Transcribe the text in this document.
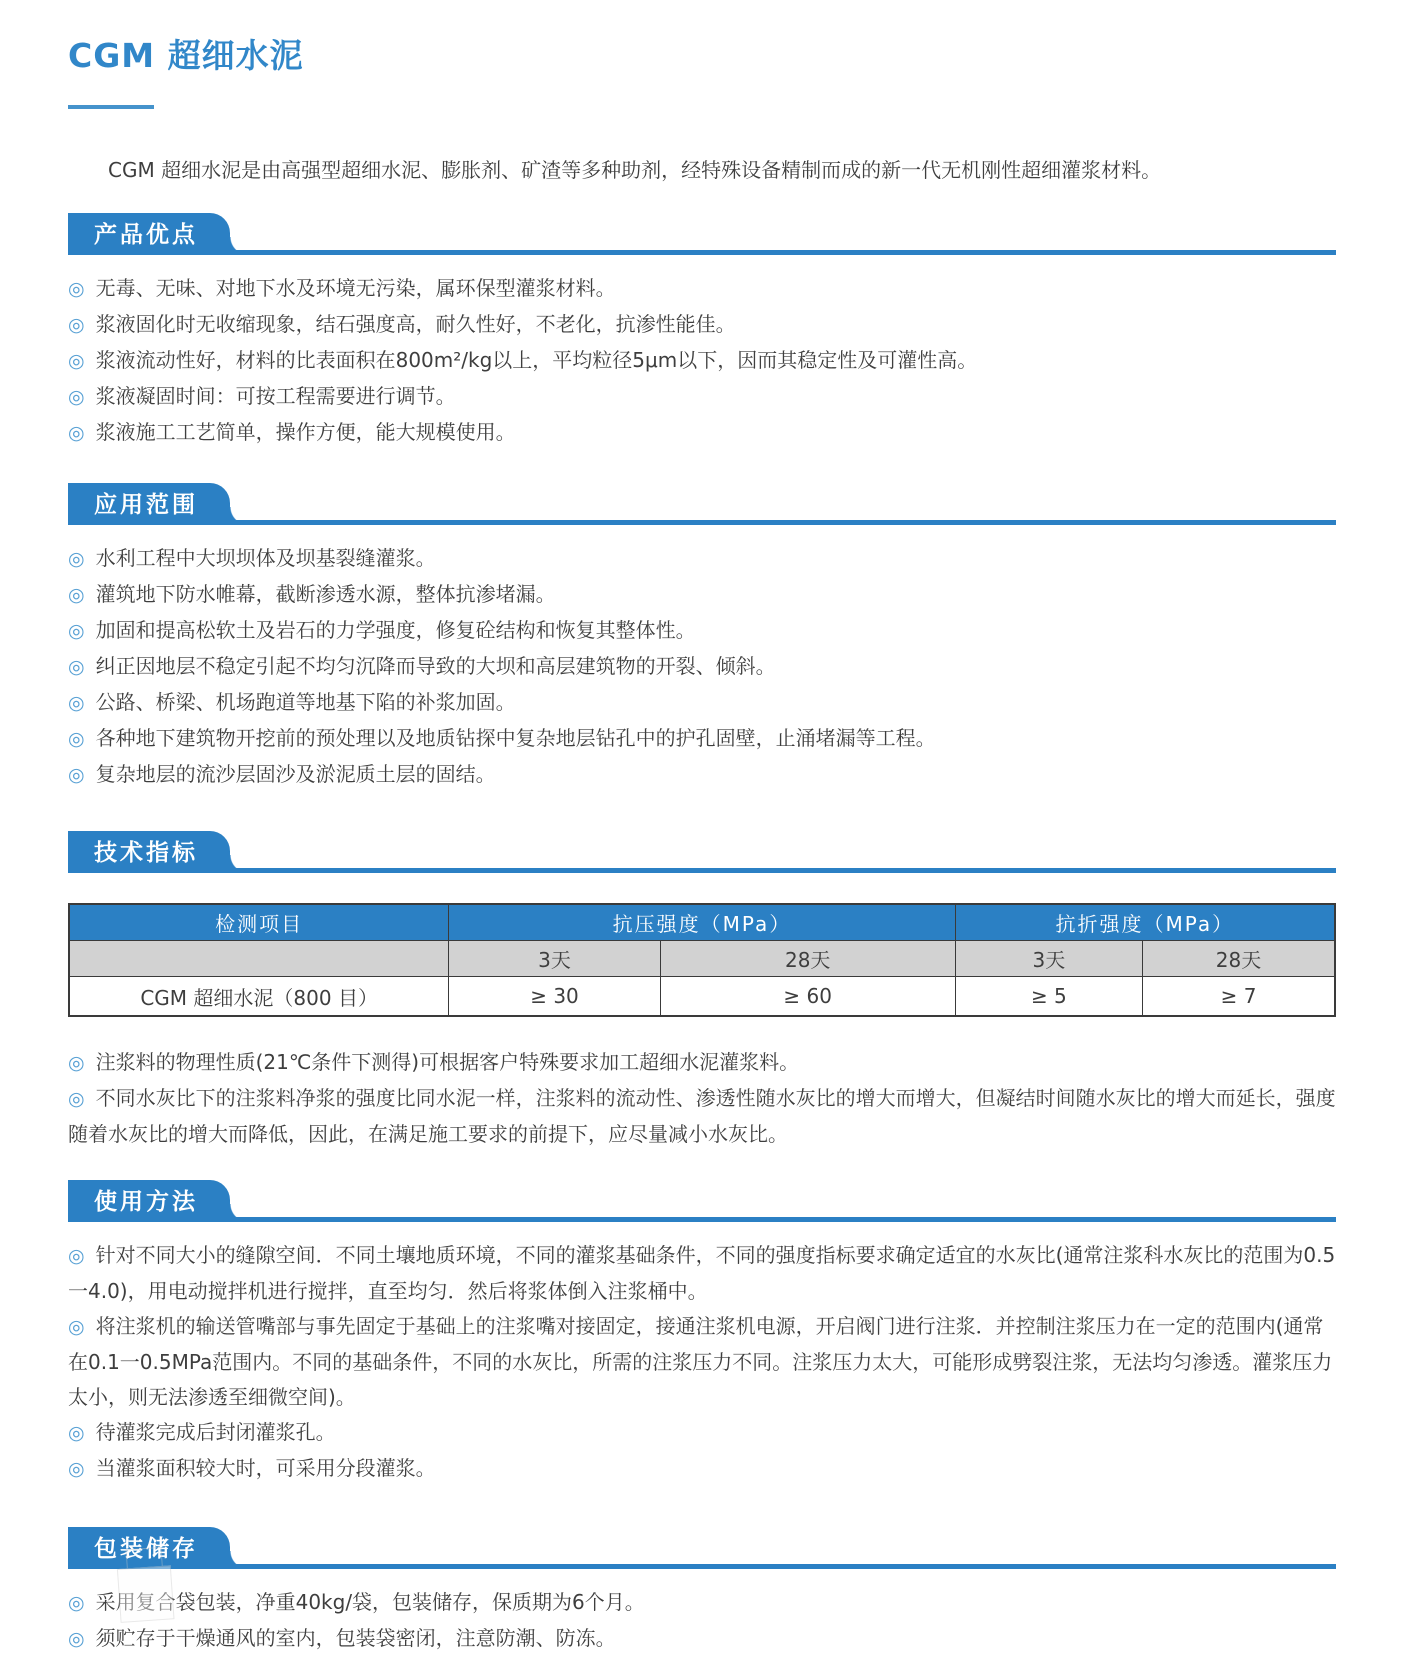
CGM 超细水泥

CGM 超细水泥是由高强型超细水泥、膨胀剂、矿渣等多种助剂，经特殊设备精制而成的新一代无机刚性超细灌浆材料。

产品优点
◎ 无毒、无味、对地下水及环境无污染，属环保型灌浆材料。
◎ 浆液固化时无收缩现象，结石强度高，耐久性好，不老化，抗渗性能佳。
◎ 浆液流动性好，材料的比表面积在800m²/kg以上，平均粒径5μm以下，因而其稳定性及可灌性高。
◎ 浆液凝固时间：可按工程需要进行调节。
◎ 浆液施工工艺简单，操作方便，能大规模使用。
应用范围
◎ 水利工程中大坝坝体及坝基裂缝灌浆。
◎ 灌筑地下防水帷幕，截断渗透水源，整体抗渗堵漏。
◎ 加固和提高松软土及岩石的力学强度，修复砼结构和恢复其整体性。
◎ 纠正因地层不稳定引起不均匀沉降而导致的大坝和高层建筑物的开裂、倾斜。
◎ 公路、桥梁、机场跑道等地基下陷的补浆加固。
◎ 各种地下建筑物开挖前的预处理以及地质钻探中复杂地层钻孔中的护孔固壁，止涌堵漏等工程。
◎ 复杂地层的流沙层固沙及淤泥质土层的固结。
技术指标
检测项目	抗压强度（MPa）		抗折强度（MPa）	
	3天	28天	3天	28天
CGM 超细水泥（800 目）	≥ 30	≥ 60	≥ 5	≥ 7
◎ 注浆料的物理性质(21℃条件下测得)可根据客户特殊要求加工超细水泥灌浆料。
◎ 不同水灰比下的注浆料净浆的强度比同水泥一样，注浆料的流动性、渗透性随水灰比的增大而增大，但凝结时间随水灰比的增大而延长，强度随着水灰比的增大而降低，因此，在满足施工要求的前提下，应尽量减小水灰比。
使用方法
◎ 针对不同大小的缝隙空间．不同土壤地质环境，不同的灌浆基础条件，不同的强度指标要求确定适宜的水灰比(通常注浆科水灰比的范围为0.5一4.0)，用电动搅拌机进行搅拌，直至均匀．然后将浆体倒入注浆桶中。
◎ 将注浆机的输送管嘴部与事先固定于基础上的注浆嘴对接固定，接通注浆机电源，开启阀门进行注浆．并控制注浆压力在一定的范围内(通常在0.1一0.5MPa范围内。不同的基础条件，不同的水灰比，所需的注浆压力不同。注浆压力太大，可能形成劈裂注浆，无法均匀渗透。灌浆压力太小，则无法渗透至细微空间)。
◎ 待灌浆完成后封闭灌浆孔。
◎ 当灌浆面积较大时，可采用分段灌浆。
包装储存
◎ 采用复合袋包装，净重40kg/袋，包装储存，保质期为6个月。
◎ 须贮存于干燥通风的室内，包装袋密闭，注意防潮、防冻。
